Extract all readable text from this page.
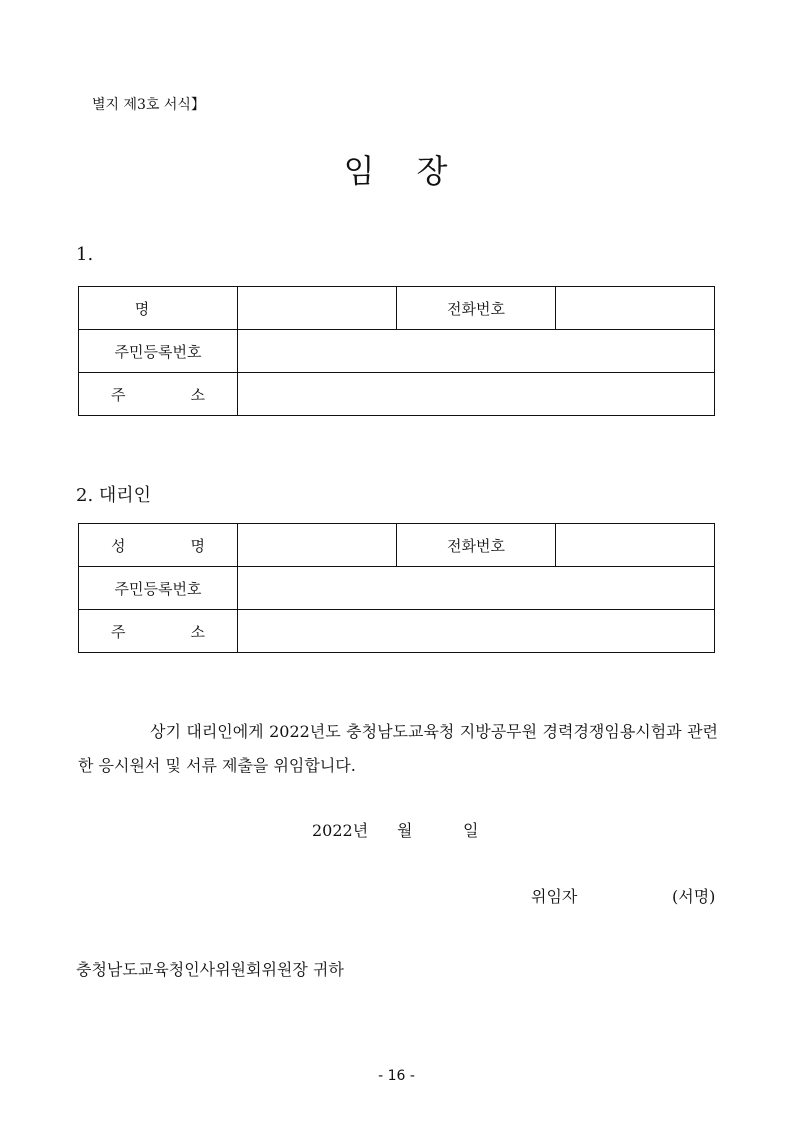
별지 제3호 서식】
임 장
1.
명		전화번호	
주민등록번호			

주 소			

2. 대리인
성 명		전화번호	
주민등록번호			

주 소			

상기 대리인에게 2022년도 충청남도교육청 지방공무원 경력경쟁임용시험과 관련한 응시원서 및 서류 제출을 위임합니다.
2022년 월	일
위임자	(서명)
충청남도교육청인사위원회위원장 귀하
- 16 -
